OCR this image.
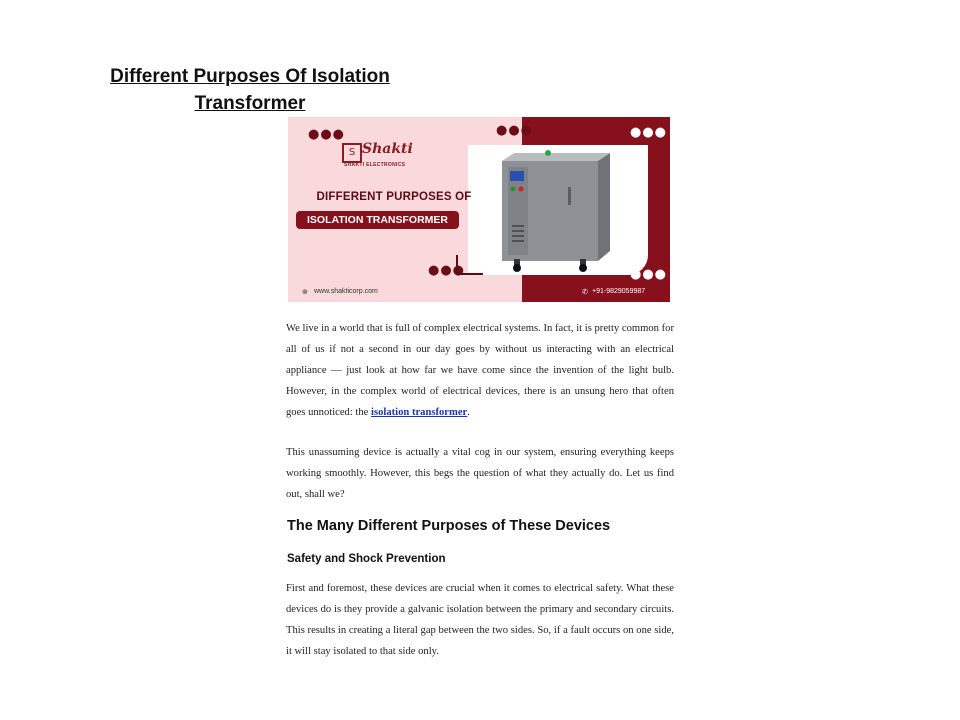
Different Purposes Of Isolation
Transformer
●●●	●●●	●●●
●●●
●●●
S Shakti
SHAKTI ELECTRONICS
DIFFERENT PURPOSES OF
ISOLATION TRANSFORMER
⊕ www.shakticorp.com	✆ +91-9829059987
We live in a world that is full of complex electrical systems. In fact, it is pretty common for all of us if not a second in our day goes by without us interacting with an electrical appliance — just look at how far we have come since the invention of the light bulb. However, in the complex world of electrical devices, there is an unsung hero that often goes unnoticed: the isolation transformer.
This unassuming device is actually a vital cog in our system, ensuring everything keeps working smoothly. However, this begs the question of what they actually do. Let us find out, shall we?
The Many Different Purposes of These Devices
Safety and Shock Prevention
First and foremost, these devices are crucial when it comes to electrical safety. What these devices do is they provide a galvanic isolation between the primary and secondary circuits. This results in creating a literal gap between the two sides. So, if a fault occurs on one side, it will stay isolated to that side only.
